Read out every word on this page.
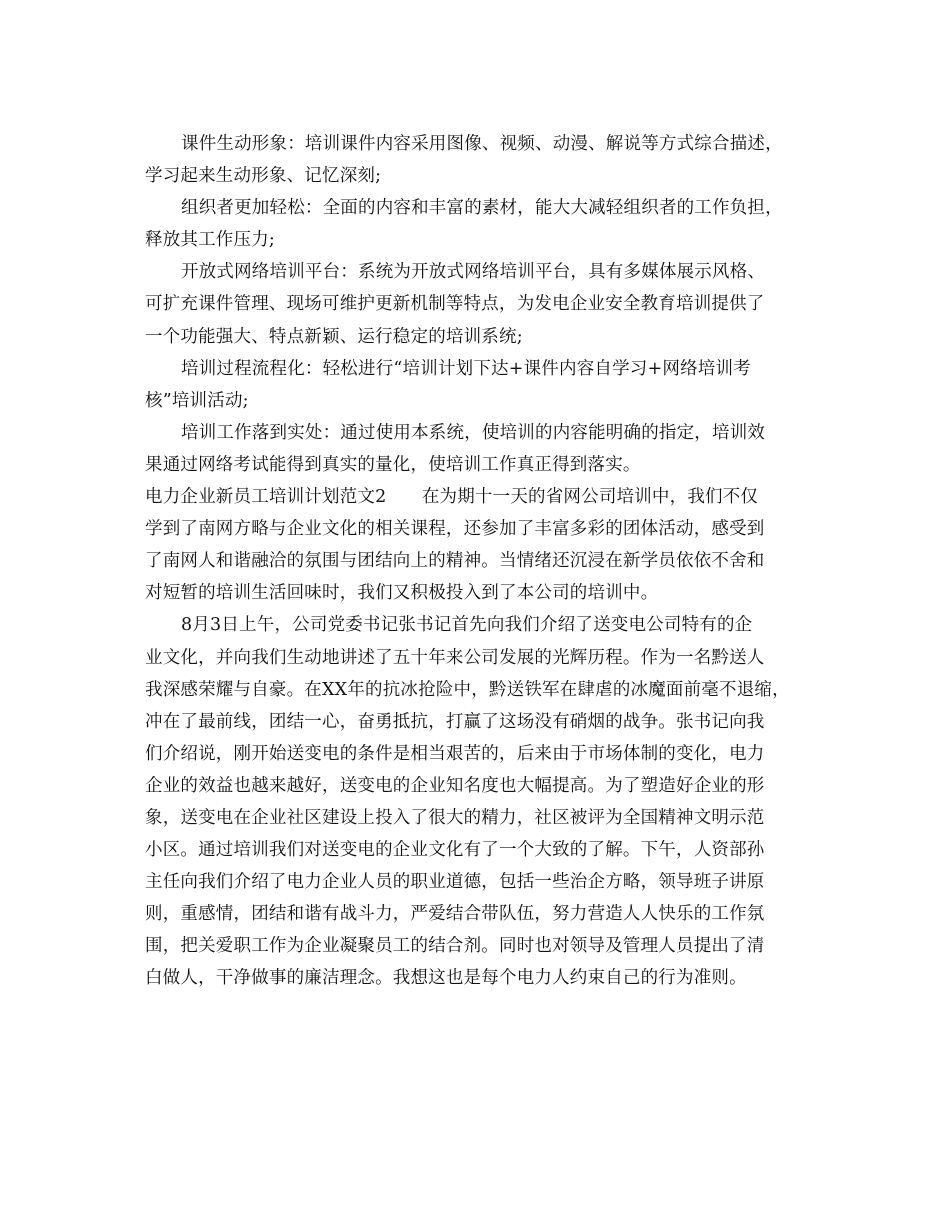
课件生动形象：培训课件内容采用图像、视频、动漫、解说等方式综合描述，
学习起来生动形象、记忆深刻;
组织者更加轻松：全面的内容和丰富的素材，能大大减轻组织者的工作负担，
释放其工作压力;
开放式网络培训平台：系统为开放式网络培训平台，具有多媒体展示风格、
可扩充课件管理、现场可维护更新机制等特点，为发电企业安全教育培训提供了
一个功能强大、特点新颖、运行稳定的培训系统;
培训过程流程化：轻松进行“培训计划下达+课件内容自学习+网络培训考
核”培训活动;
培训工作落到实处：通过使用本系统，使培训的内容能明确的指定，培训效
果通过网络考试能得到真实的量化，使培训工作真正得到落实。
电力企业新员工培训计划范文2　　在为期十一天的省网公司培训中，我们不仅
学到了南网方略与企业文化的相关课程，还参加了丰富多彩的团体活动，感受到
了南网人和谐融洽的氛围与团结向上的精神。当情绪还沉浸在新学员依依不舍和
对短暂的培训生活回味时，我们又积极投入到了本公司的培训中。
8月3日上午，公司党委书记张书记首先向我们介绍了送变电公司特有的企
业文化，并向我们生动地讲述了五十年来公司发展的光辉历程。作为一名黔送人
我深感荣耀与自豪。在XX年的抗冰抢险中，黔送铁军在肆虐的冰魔面前毫不退缩，
冲在了最前线，团结一心，奋勇抵抗，打赢了这场没有硝烟的战争。张书记向我
们介绍说，刚开始送变电的条件是相当艰苦的，后来由于市场体制的变化，电力
企业的效益也越来越好，送变电的企业知名度也大幅提高。为了塑造好企业的形
象，送变电在企业社区建设上投入了很大的精力，社区被评为全国精神文明示范
小区。通过培训我们对送变电的企业文化有了一个大致的了解。下午，人资部孙
主任向我们介绍了电力企业人员的职业道德，包括一些治企方略，领导班子讲原
则，重感情，团结和谐有战斗力，严爱结合带队伍，努力营造人人快乐的工作氛
围，把关爱职工作为企业凝聚员工的结合剂。同时也对领导及管理人员提出了清
白做人，干净做事的廉洁理念。我想这也是每个电力人约束自己的行为准则。
